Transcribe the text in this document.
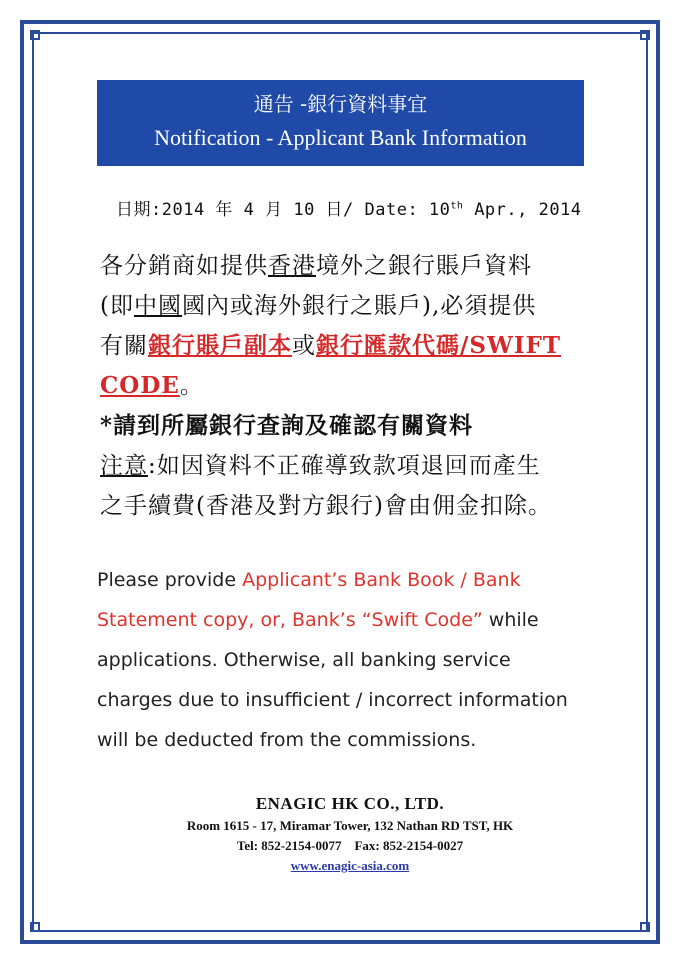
通告 -銀行資料事宜
Notification - Applicant Bank Information
日期:2014 年 4 月 10 日/ Date: 10th Apr., 2014

各分銷商如提供香港境外之銀行賬戶資料

(即中國國內或海外銀行之賬戶),必須提供

有關銀行賬戶副本或銀行匯款代碼/SWIFT

CODE。

*請到所屬銀行查詢及確認有關資料

注意:如因資料不正確導致款項退回而產生

之手續費(香港及對方銀行)會由佣金扣除。

Please provide Applicant’s Bank Book / Bank

Statement copy, or, Bank’s “Swift Code” while

applications. Otherwise, all banking service

charges due to insufficient / incorrect information

will be deducted from the commissions.

ENAGIC HK CO., LTD.
Room 1615 - 17, Miramar Tower, 132 Nathan RD TST, HK
Tel: 852-2154-0077 Fax: 852-2154-0027
www.enagic-asia.com
